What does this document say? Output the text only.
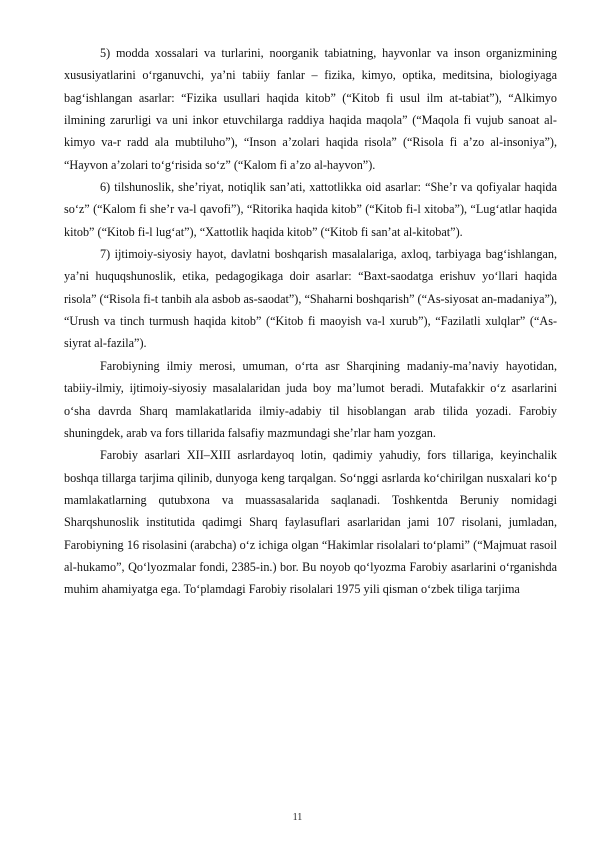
5) modda xossalari va turlarini, noorganik tabiatning, hayvonlar va inson organizmining xususiyatlarini o‘rganuvchi, ya’ni tabiiy fanlar – fizika, kimyo, optika, meditsina, biologiyaga bag‘ishlangan asarlar: “Fizika usullari haqida kitob” (“Kitob fi usul ilm at-tabiat”), “Alkimyo ilmining zarurligi va uni inkor etuvchilarga raddiya haqida maqola” (“Maqola fi vujub sanoat al-kimyo va-r radd ala mubtiluho”), “Inson a’zolari haqida risola” (“Risola fi a’zo al-insoniya”), “Hayvon a’zolari to‘g‘risida so‘z” (“Kalom fi a’zo al-hayvon”).

6) tilshunoslik, she’riyat, notiqlik san’ati, xattotlikka oid asarlar: “She’r va qofiyalar haqida so‘z” (“Kalom fi she’r va-l qavofi”), “Ritorika haqida kitob” (“Kitob fi-l xitoba”), “Lug‘atlar haqida kitob” (“Kitob fi-l lug‘at”), “Xattotlik haqida kitob” (“Kitob fi san’at al-kitobat”).

7) ijtimoiy-siyosiy hayot, davlatni boshqarish masalalariga, axloq, tarbiyaga bag‘ishlangan, ya’ni huquqshunoslik, etika, pedagogikaga doir asarlar: “Baxt-saodatga erishuv yo‘llari haqida risola” (“Risola fi-t tanbih ala asbob as-saodat”), “Shaharni boshqarish” (“As-siyosat an-madaniya”), “Urush va tinch turmush haqida kitob” (“Kitob fi maoyish va-l xurub”), “Fazilatli xulqlar” (“As-siyrat al-fazila”).

Farobiyning ilmiy merosi, umuman, o‘rta asr Sharqining madaniy-ma’naviy hayotidan, tabiiy-ilmiy, ijtimoiy-siyosiy masalalaridan juda boy ma’lumot beradi. Mutafakkir o‘z asarlarini o‘sha davrda Sharq mamlakatlarida ilmiy-adabiy til hisoblangan arab tilida yozadi. Farobiy shuningdek, arab va fors tillarida falsafiy mazmundagi she’rlar ham yozgan.

Farobiy asarlari XII–XIII asrlardayoq lotin, qadimiy yahudiy, fors tillariga, keyinchalik boshqa tillarga tarjima qilinib, dunyoga keng tarqalgan. So‘nggi asrlarda ko‘chirilgan nusxalari ko‘p mamlakatlarning qutubxona va muassasalarida saqlanadi. Toshkentda Beruniy nomidagi Sharqshunoslik institutida qadimgi Sharq faylasuflari asarlaridan jami 107 risolani, jumladan, Farobiyning 16 risolasini (arabcha) o‘z ichiga olgan “Hakimlar risolalari to‘plami” (“Majmuat rasoil al-hukamo”, Qo‘lyozmalar fondi, 2385-in.) bor. Bu noyob qo‘lyozma Farobiy asarlarini o‘rganishda muhim ahamiyatga ega. To‘plamdagi Farobiy risolalari 1975 yili qisman o‘zbek tiliga tarjima

11
